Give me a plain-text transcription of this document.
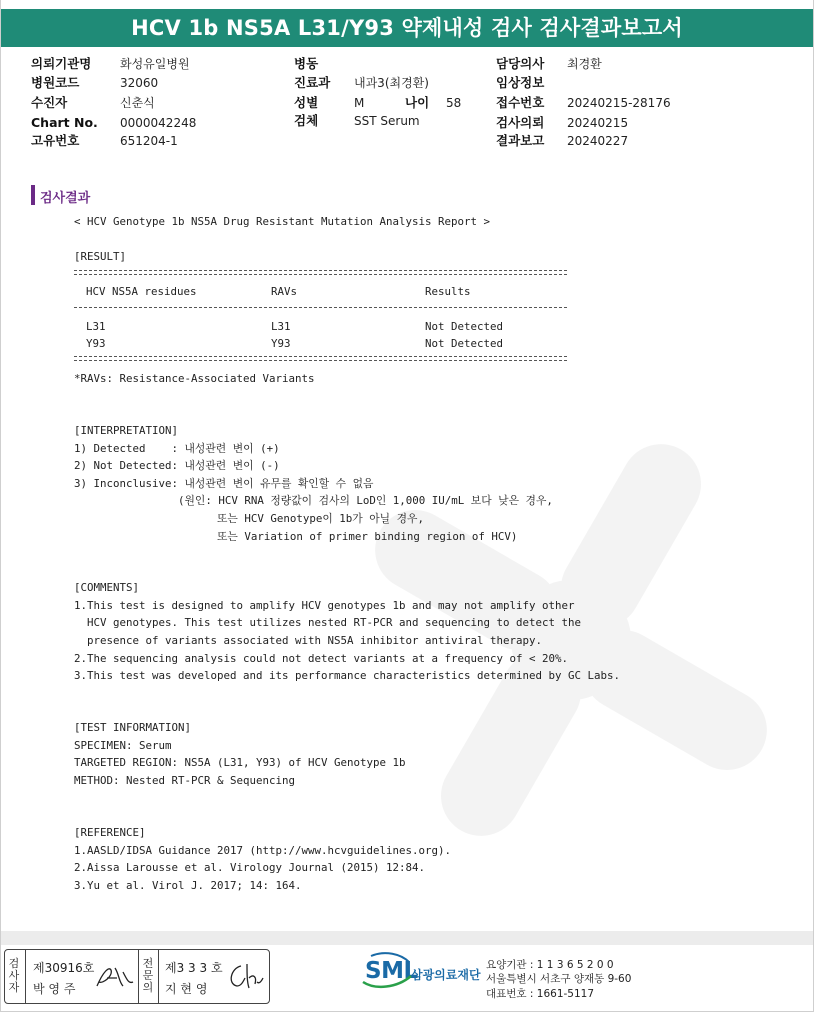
HCV 1b NS5A L31/Y93 약제내성 검사 검사결과보고서
의뢰기관명 화성유일병원
병원코드	32060
수진자	신춘식
Chart No. 0000042248
고유번호	651204-1
병동
진료과 내과3(최경환)
성별	M	나이 58
검체	SST Serum
담당의사 최경환
임상정보
접수번호 20240215-28176
검사의뢰 20240215
결과보고 20240227
검사결과
< HCV Genotype 1b NS5A Drug Resistant Mutation Analysis Report >
[RESULT]
HCV NS5A residues	RAVs	Results
L31	L31	Not Detected
Y93	Y93	Not Detected
*RAVs: Resistance-Associated Variants
[INTERPRETATION]
1) Detected    : 내성관련 변이 (+)
2) Not Detected: 내성관련 변이 (-)
3) Inconclusive: 내성관련 변이 유무를 확인할 수 없음
(원인: HCV RNA 정량값이 검사의 LoD인 1,000 IU/mL 보다 낮은 경우,
또는 HCV Genotype이 1b가 아닐 경우,
또는 Variation of primer binding region of HCV)
[COMMENTS]
1.This test is designed to amplify HCV genotypes 1b and may not amplify other
HCV genotypes. This test utilizes nested RT-PCR and sequencing to detect the
presence of variants associated with NS5A inhibitor antiviral therapy.
2.The sequencing analysis could not detect variants at a frequency of < 20%.
3.This test was developed and its performance characteristics determined by GC Labs.
[TEST INFORMATION]
SPECIMEN: Serum
TARGETED REGION: NS5A (L31, Y93) of HCV Genotype 1b
METHOD: Nested RT-PCR & Sequencing
[REFERENCE]
1.AASLD/IDSA Guidance 2017 (http://www.hcvguidelines.org).
2.Aissa Larousse et al. Virology Journal (2015) 12:84.
3.Yu et al. Virol J. 2017; 14: 164.
검
사
자
제30916호
박 영 주
전
문
의
제3 3 3 호
지 현 영
SML
삼광의료재단
요양기관 : 1 1 3 6 5 2 0 0
서울특별시 서초구 양재동 9-60
대표번호 : 1661-5117
